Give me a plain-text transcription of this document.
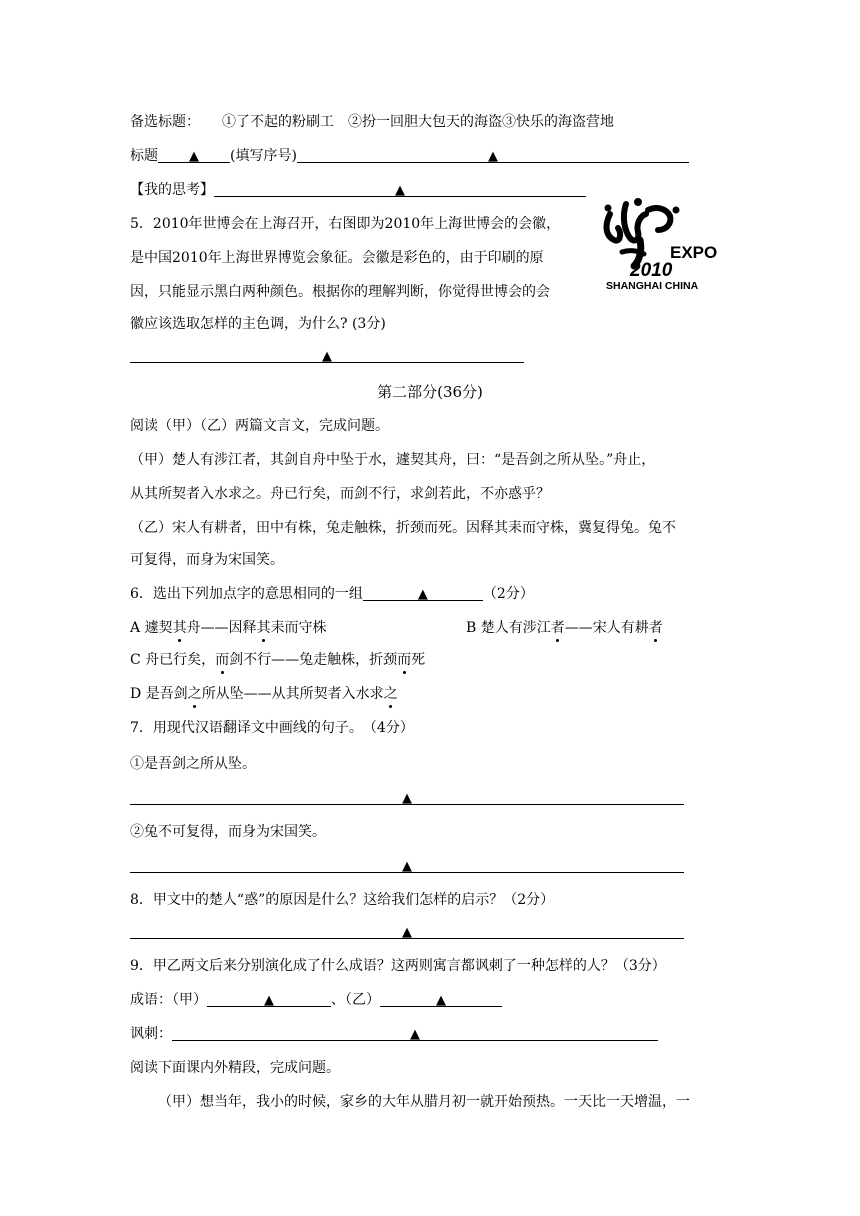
备选标题： ①了不起的粉刷工 ②扮一回胆大包天的海盗③快乐的海盗营地
标题 ▲ (填写序号)	▲
【我的思考】	▲
5．2010年世博会在上海召开，右图即为2010年上海世博会的会徽，
是中国2010年上海世界博览会象征。会徽是彩色的，由于印刷的原
因，只能显示黑白两种颜色。根据你的理解判断，你觉得世博会的会
徽应该选取怎样的主色调，为什么? (3分)
▲
EXPO
2010
SHANGHAI CHINA
第二部分(36分)
阅读（甲）（乙）两篇文言文，完成问题。
（甲）楚人有涉江者，其剑自舟中坠于水，遽契其舟，曰：“是吾剑之所从坠。”舟止，
从其所契者入水求之。舟已行矣，而剑不行，求剑若此，不亦惑乎？
（乙）宋人有耕者，田中有株，兔走触株，折颈而死。因释其耒而守株，冀复得兔。兔不
可复得，而身为宋国笑。
6．选出下列加点字的意思相同的一组	▲	（2分）
A 遽契其舟——因释其耒而守株	B 楚人有涉江者——宋人有耕者
C 舟已行矣，而剑不行——兔走触株，折颈而死
D 是吾剑之所从坠——从其所契者入水求之
7．用现代汉语翻译文中画线的句子。　（4分）
①是吾剑之所从坠。
▲
②兔不可复得，而身为宋国笑。
▲
8．甲文中的楚人“惑”的原因是什么？这给我们怎样的启示？（2分）
▲
9．甲乙两文后来分别演化成了什么成语？这两则寓言都讽刺了一种怎样的人？（3分）
成语：（甲）	▲	、（乙）	▲
讽刺：	▲
阅读下面课内外精段，完成问题。
（甲）想当年，我小的时候，家乡的大年从腊月初一就开始预热。一天比一天增温，一
